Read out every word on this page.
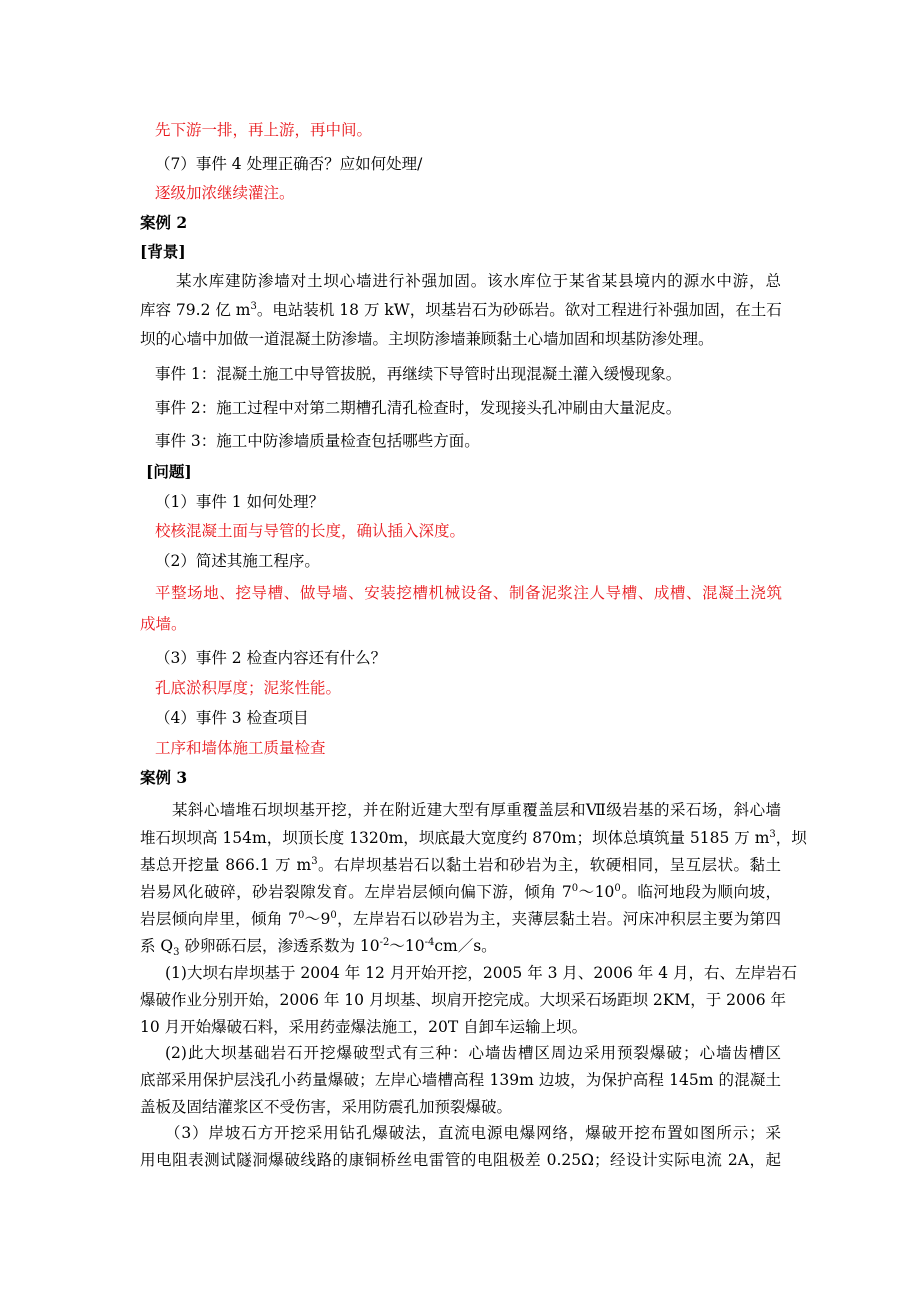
先下游一排，再上游，再中间。
（7）事件 4 处理正确否？应如何处理/
逐级加浓继续灌注。
案例 2
[背景]
某水库建防渗墙对土坝心墙进行补强加固。该水库位于某省某县境内的源水中游，总
库容 79.2 亿 $m^3$。电站装机 18 万 kW，坝基岩石为砂砾岩。欲对工程进行补强加固，在土石
坝的心墙中加做一道混凝土防渗墙。主坝防渗墙兼顾黏土心墙加固和坝基防渗处理。
事件 1：混凝土施工中导管拔脱，再继续下导管时出现混凝土灌入缓慢现象。
事件 2：施工过程中对第二期槽孔清孔检查时，发现接头孔冲刷由大量泥皮。
事件 3：施工中防渗墙质量检查包括哪些方面。
[问题]
（1）事件 1 如何处理？
校核混凝土面与导管的长度，确认插入深度。
（2）简述其施工程序。
平整场地、挖导槽、做导墙、安装挖槽机械设备、制备泥浆注人导槽、成槽、混凝土浇筑
成墙。
（3）事件 2 检查内容还有什么？
孔底淤积厚度；泥浆性能。
（4）事件 3 检查项目
工序和墙体施工质量检查
案例 3
某斜心墙堆石坝坝基开挖，并在附近建大型有厚重覆盖层和Ⅶ级岩基的采石场，斜心墙
堆石坝坝高 154m，坝顶长度 1320m，坝底最大宽度约 870m；坝体总填筑量 5185 万 $m^3$，坝
基总开挖量 866.1 万 $m^3$。右岸坝基岩石以黏土岩和砂岩为主，软硬相同，呈互层状。黏土
岩易风化破碎，砂岩裂隙发育。左岸岩层倾向偏下游，倾角 $7^0\sim 10^0$。临河地段为顺向坡，
岩层倾向岸里，倾角 $7^0\sim 9^0$，左岸岩石以砂岩为主，夹薄层黏土岩。河床冲积层主要为第四
系 $Q_3$ 砂卵砾石层，渗透系数为 $10^{-2}\sim 10^{-4}cm/s$。
(1)大坝右岸坝基于 2004 年 12 月开始开挖，2005 年 3 月、2006 年 4 月，右、左岸岩石
爆破作业分别开始，2006 年 10 月坝基、坝肩开挖完成。大坝采石场距坝 2KM，于 2006 年
10 月开始爆破石料，采用药壶爆法施工，20T 自卸车运输上坝。
(2)此大坝基础岩石开挖爆破型式有三种：心墙齿槽区周边采用预裂爆破；心墙齿槽区
底部采用保护层浅孔小药量爆破；左岸心墙槽高程 139m 边坡，为保护高程 145m 的混凝土
盖板及固结灌浆区不受伤害，采用防震孔加预裂爆破。
（3）岸坡石方开挖采用钻孔爆破法，直流电源电爆网络，爆破开挖布置如图所示；采
用电阻表测试隧洞爆破线路的康铜桥丝电雷管的电阻极差 0.25Ω；经设计实际电流 2A，起
